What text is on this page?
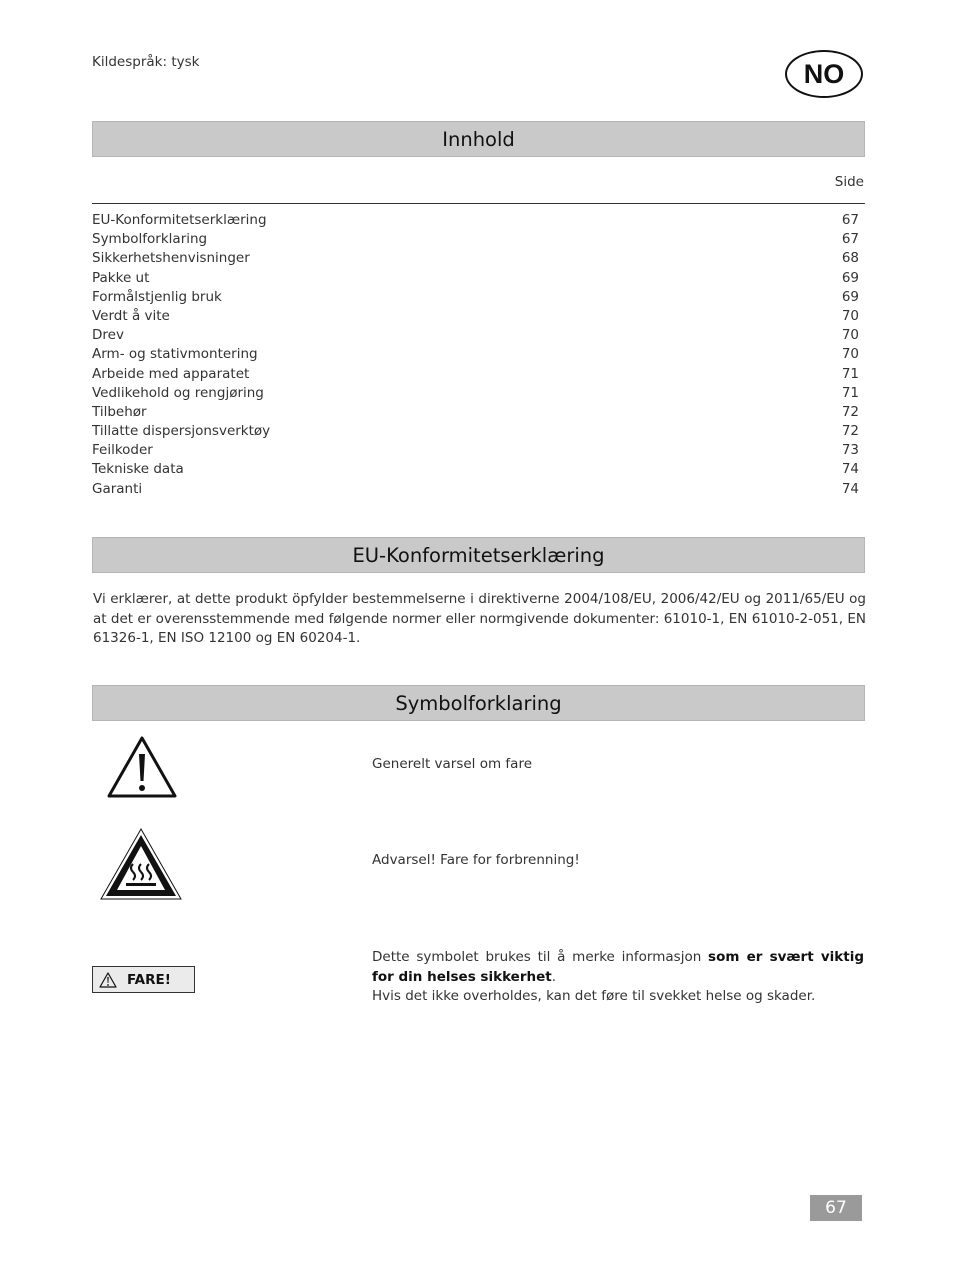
Kildespråk: tysk	NO
Innhold
Side
EU-Konformitetserklæring	67
Symbolforklaring	67
Sikkerhetshenvisninger	68
Pakke ut	69
Formålstjenlig bruk	69
Verdt å vite	70
Drev	70
Arm- og stativmontering	70
Arbeide med apparatet	71
Vedlikehold og rengjøring	71
Tilbehør	72
Tillatte dispersjonsverktøy	72
Feilkoder	73
Tekniske data	74
Garanti	74
EU-Konformitetserklæring
Vi erklærer, at dette produkt öpfylder bestemmelserne i direktiverne 2004/108/EU, 2006/42/EU og 2011/65/EU og at det er overensstemmende med følgende normer eller normgivende dokumenter: 61010-1, EN 61010-2-051, EN 61326-1, EN ISO 12100 og EN 60204-1.
Symbolforklaring
Generelt varsel om fare
Advarsel! Fare for forbrenning!
FARE!
Dette symbolet brukes til å merke informasjon som er svært viktig for din helses sikkerhet.
Hvis det ikke overholdes, kan det føre til svekket helse og skader.
67
